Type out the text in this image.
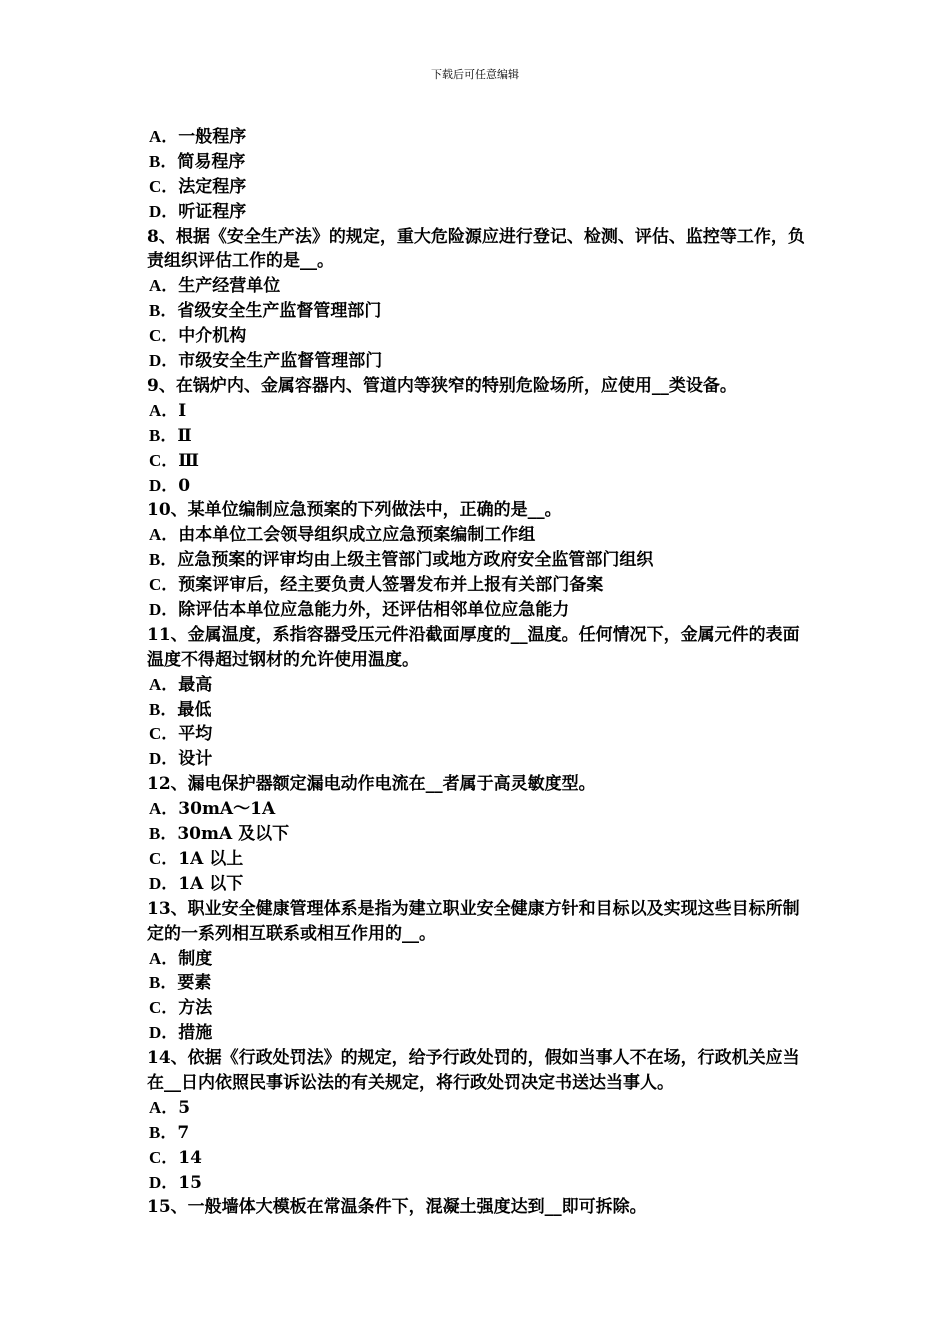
下载后可任意编辑
A．一般程序
B．简易程序
C．法定程序
D．听证程序
8、根据《安全生产法》的规定，重大危险源应进行登记、检测、评估、监控等工作，负责组织评估工作的是__。
A．生产经营单位
B．省级安全生产监督管理部门
C．中介机构
D．市级安全生产监督管理部门
9、在锅炉内、金属容器内、管道内等狭窄的特别危险场所，应使用__类设备。
A．Ⅰ
B．Ⅱ
C．Ⅲ
D．0
10、某单位编制应急预案的下列做法中，正确的是__。
A．由本单位工会领导组织成立应急预案编制工作组
B．应急预案的评审均由上级主管部门或地方政府安全监管部门组织
C．预案评审后，经主要负责人签署发布并上报有关部门备案
D．除评估本单位应急能力外，还评估相邻单位应急能力
11、金属温度，系指容器受压元件沿截面厚度的__温度。任何情况下，金属元件的表面温度不得超过钢材的允许使用温度。
A．最高
B．最低
C．平均
D．设计
12、漏电保护器额定漏电动作电流在__者属于高灵敏度型。
A．30mA～1A
B．30mA 及以下
C．1A 以上
D．1A 以下
13、职业安全健康管理体系是指为建立职业安全健康方针和目标以及实现这些目标所制定的一系列相互联系或相互作用的__。
A．制度
B．要素
C．方法
D．措施
14、依据《行政处罚法》的规定，给予行政处罚的，假如当事人不在场，行政机关应当在__日内依照民事诉讼法的有关规定，将行政处罚决定书送达当事人。
A．5
B．7
C．14
D．15
15、一般墙体大模板在常温条件下，混凝土强度达到__即可拆除。
